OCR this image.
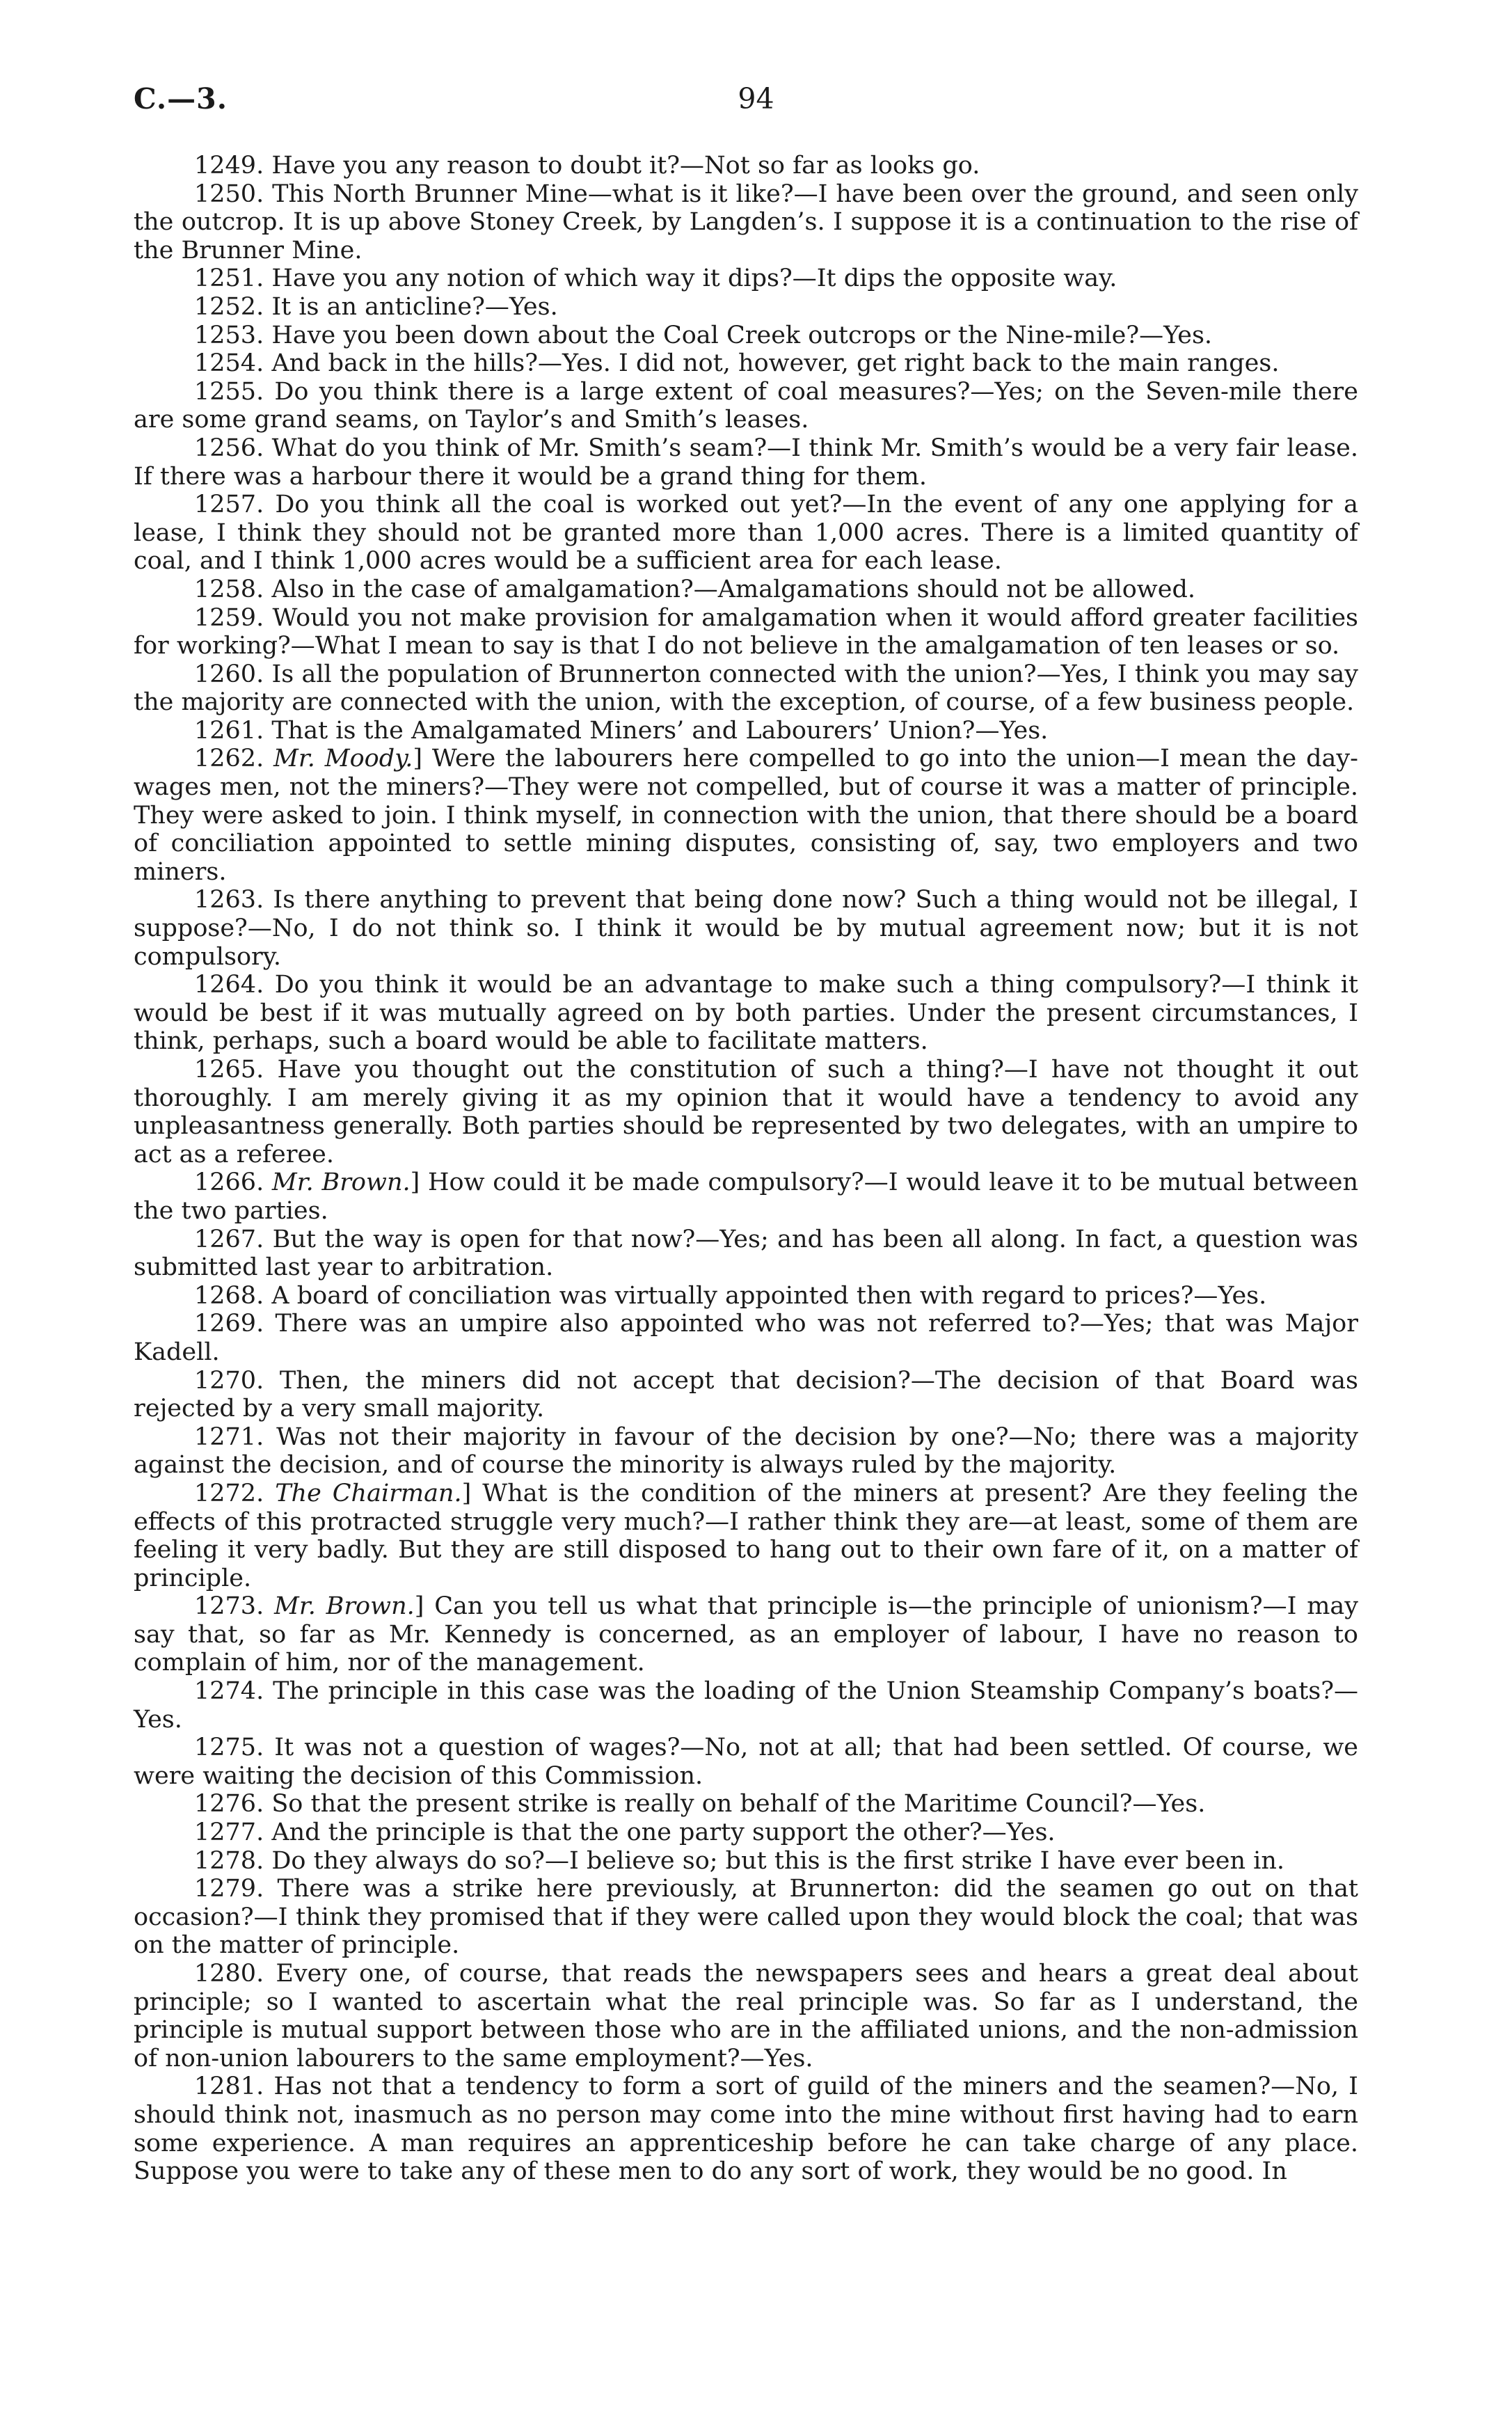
C.—3.	94

1249. Have you any reason to doubt it?—Not so far as looks go.

1250. This North Brunner Mine—what is it like?—I have been over the ground, and seen only the outcrop. It is up above Stoney Creek, by Langden’s. I suppose it is a continuation to the rise of the Brunner Mine.

1251. Have you any notion of which way it dips?—It dips the opposite way.

1252. It is an anticline?—Yes.

1253. Have you been down about the Coal Creek outcrops or the Nine-mile?—Yes.

1254. And back in the hills?—Yes. I did not, however, get right back to the main ranges.

1255. Do you think there is a large extent of coal measures?—Yes; on the Seven-mile there are some grand seams, on Taylor’s and Smith’s leases.

1256. What do you think of Mr. Smith’s seam?—I think Mr. Smith’s would be a very fair lease. If there was a harbour there it would be a grand thing for them.

1257. Do you think all the coal is worked out yet?—In the event of any one applying for a lease, I think they should not be granted more than 1,000 acres. There is a limited quantity of coal, and I think 1,000 acres would be a sufficient area for each lease.

1258. Also in the case of amalgamation?—Amalgamations should not be allowed.

1259. Would you not make provision for amalgamation when it would afford greater facilities for working?—What I mean to say is that I do not believe in the amalgamation of ten leases or so.

1260. Is all the population of Brunnerton connected with the union?—Yes, I think you may say the majority are connected with the union, with the exception, of course, of a few business people.

1261. That is the Amalgamated Miners’ and Labourers’ Union?—Yes.

1262. Mr. Moody.] Were the labourers here compelled to go into the union—I mean the day-wages men, not the miners?—They were not compelled, but of course it was a matter of principle. They were asked to join. I think myself, in connection with the union, that there should be a board of conciliation appointed to settle mining disputes, consisting of, say, two employers and two miners.

1263. Is there anything to prevent that being done now? Such a thing would not be illegal, I suppose?—No, I do not think so. I think it would be by mutual agreement now; but it is not compulsory.

1264. Do you think it would be an advantage to make such a thing compulsory?—I think it would be best if it was mutually agreed on by both parties. Under the present circumstances, I think, perhaps, such a board would be able to facilitate matters.

1265. Have you thought out the constitution of such a thing?—I have not thought it out thoroughly. I am merely giving it as my opinion that it would have a tendency to avoid any unpleasantness generally. Both parties should be represented by two delegates, with an umpire to act as a referee.

1266. Mr. Brown.] How could it be made compulsory?—I would leave it to be mutual between the two parties.

1267. But the way is open for that now?—Yes; and has been all along. In fact, a question was submitted last year to arbitration.

1268. A board of conciliation was virtually appointed then with regard to prices?—Yes.

1269. There was an umpire also appointed who was not referred to?—Yes; that was Major Kadell.

1270. Then, the miners did not accept that decision?—The decision of that Board was rejected by a very small majority.

1271. Was not their majority in favour of the decision by one?—No; there was a majority against the decision, and of course the minority is always ruled by the majority.

1272. The Chairman.] What is the condition of the miners at present? Are they feeling the effects of this protracted struggle very much?—I rather think they are—at least, some of them are feeling it very badly. But they are still disposed to hang out to their own fare of it, on a matter of principle.

1273. Mr. Brown.] Can you tell us what that principle is—the principle of unionism?—I may say that, so far as Mr. Kennedy is concerned, as an employer of labour, I have no reason to complain of him, nor of the management.

1274. The principle in this case was the loading of the Union Steamship Company’s boats?—Yes.

1275. It was not a question of wages?—No, not at all; that had been settled. Of course, we were waiting the decision of this Commission.

1276. So that the present strike is really on behalf of the Maritime Council?—Yes.

1277. And the principle is that the one party support the other?—Yes.

1278. Do they always do so?—I believe so; but this is the first strike I have ever been in.

1279. There was a strike here previously, at Brunnerton: did the seamen go out on that occasion?—I think they promised that if they were called upon they would block the coal; that was on the matter of principle.

1280. Every one, of course, that reads the newspapers sees and hears a great deal about principle; so I wanted to ascertain what the real principle was. So far as I understand, the principle is mutual support between those who are in the affiliated unions, and the non-admission of non-union labourers to the same employment?—Yes.

1281. Has not that a tendency to form a sort of guild of the miners and the seamen?—No, I should think not, inasmuch as no person may come into the mine without first having had to earn some experience. A man requires an apprenticeship before he can take charge of any place. Suppose you were to take any of these men to do any sort of work, they would be no good. In
